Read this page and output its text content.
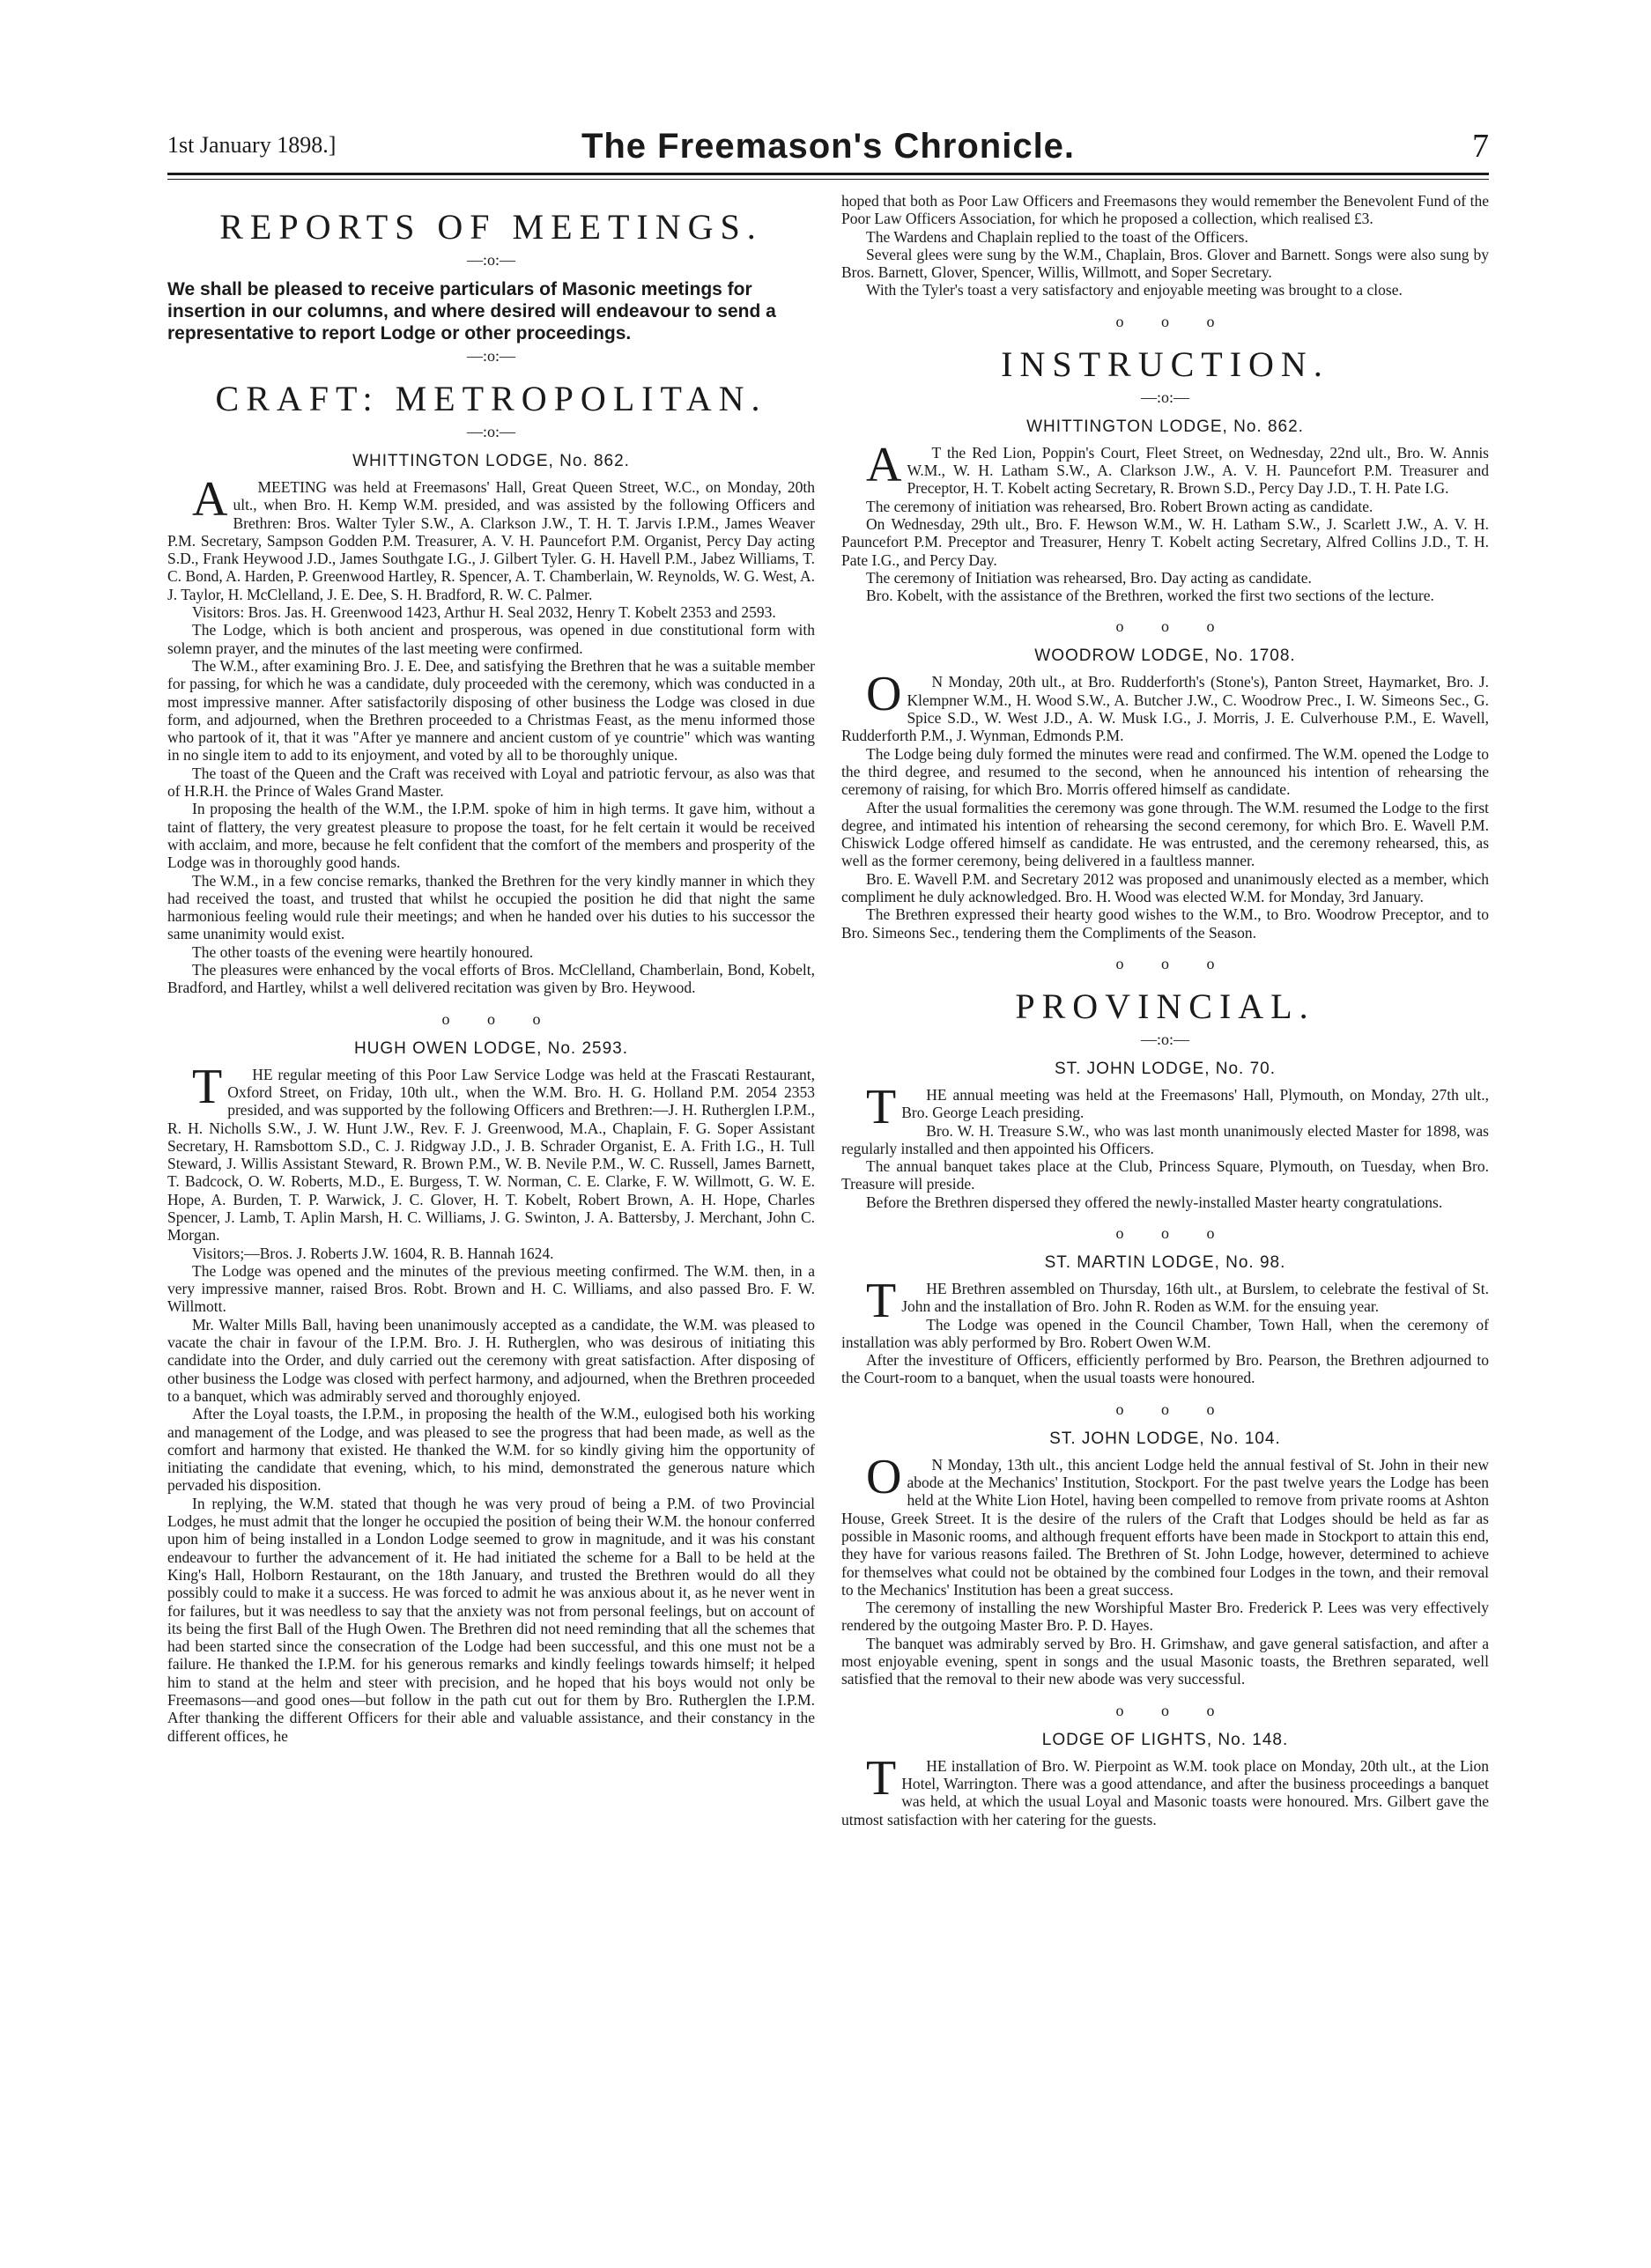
1st January 1898.]	The Freemason's Chronicle.	7
REPORTS OF MEETINGS.
—:o:—
We shall be pleased to receive particulars of Masonic meetings for insertion in our columns, and where desired will endeavour to send a representative to report Lodge or other proceedings.
—:o:—
CRAFT: METROPOLITAN.
—:o:—
WHITTINGTON LODGE, No. 862.

AMEETING was held at Freemasons' Hall, Great Queen Street, W.C., on Monday, 20th ult., when Bro. H. Kemp W.M. presided, and was assisted by the following Officers and Brethren: Bros. Walter Tyler S.W., A. Clarkson J.W., T. H. T. Jarvis I.P.M., James Weaver P.M. Secretary, Sampson Godden P.M. Treasurer, A. V. H. Pauncefort P.M. Organist, Percy Day acting S.D., Frank Heywood J.D., James Southgate I.G., J. Gilbert Tyler. G. H. Havell P.M., Jabez Williams, T. C. Bond, A. Harden, P. Greenwood Hartley, R. Spencer, A. T. Chamberlain, W. Reynolds, W. G. West, A. J. Taylor, H. McClelland, J. E. Dee, S. H. Bradford, R. W. C. Palmer.

Visitors: Bros. Jas. H. Greenwood 1423, Arthur H. Seal 2032, Henry T. Kobelt 2353 and 2593.

The Lodge, which is both ancient and prosperous, was opened in due constitutional form with solemn prayer, and the minutes of the last meeting were confirmed.

The W.M., after examining Bro. J. E. Dee, and satisfying the Brethren that he was a suitable member for passing, for which he was a candidate, duly proceeded with the ceremony, which was conducted in a most impressive manner. After satisfactorily disposing of other business the Lodge was closed in due form, and adjourned, when the Brethren proceeded to a Christmas Feast, as the menu informed those who partook of it, that it was "After ye mannere and ancient custom of ye countrie" which was wanting in no single item to add to its enjoyment, and voted by all to be thoroughly unique.

The toast of the Queen and the Craft was received with Loyal and patriotic fervour, as also was that of H.R.H. the Prince of Wales Grand Master.

In proposing the health of the W.M., the I.P.M. spoke of him in high terms. It gave him, without a taint of flattery, the very greatest pleasure to propose the toast, for he felt certain it would be received with acclaim, and more, because he felt confident that the comfort of the members and prosperity of the Lodge was in thoroughly good hands.

The W.M., in a few concise remarks, thanked the Brethren for the very kindly manner in which they had received the toast, and trusted that whilst he occupied the position he did that night the same harmonious feeling would rule their meetings; and when he handed over his duties to his successor the same unanimity would exist.

The other toasts of the evening were heartily honoured.

The pleasures were enhanced by the vocal efforts of Bros. McClelland, Chamberlain, Bond, Kobelt, Bradford, and Hartley, whilst a well delivered recitation was given by Bro. Heywood.

o o o
HUGH OWEN LODGE, No. 2593.

THE regular meeting of this Poor Law Service Lodge was held at the Frascati Restaurant, Oxford Street, on Friday, 10th ult., when the W.M. Bro. H. G. Holland P.M. 2054 2353 presided, and was supported by the following Officers and Brethren:—J. H. Rutherglen I.P.M., R. H. Nicholls S.W., J. W. Hunt J.W., Rev. F. J. Greenwood, M.A., Chaplain, F. G. Soper Assistant Secretary, H. Ramsbottom S.D., C. J. Ridgway J.D., J. B. Schrader Organist, E. A. Frith I.G., H. Tull Steward, J. Willis Assistant Steward, R. Brown P.M., W. B. Nevile P.M., W. C. Russell, James Barnett, T. Badcock, O. W. Roberts, M.D., E. Burgess, T. W. Norman, C. E. Clarke, F. W. Willmott, G. W. E. Hope, A. Burden, T. P. Warwick, J. C. Glover, H. T. Kobelt, Robert Brown, A. H. Hope, Charles Spencer, J. Lamb, T. Aplin Marsh, H. C. Williams, J. G. Swinton, J. A. Battersby, J. Merchant, John C. Morgan.

Visitors;—Bros. J. Roberts J.W. 1604, R. B. Hannah 1624.

The Lodge was opened and the minutes of the previous meeting confirmed. The W.M. then, in a very impressive manner, raised Bros. Robt. Brown and H. C. Williams, and also passed Bro. F. W. Willmott.

Mr. Walter Mills Ball, having been unanimously accepted as a candidate, the W.M. was pleased to vacate the chair in favour of the I.P.M. Bro. J. H. Rutherglen, who was desirous of initiating this candidate into the Order, and duly carried out the ceremony with great satisfaction. After disposing of other business the Lodge was closed with perfect harmony, and adjourned, when the Brethren proceeded to a banquet, which was admirably served and thoroughly enjoyed.

After the Loyal toasts, the I.P.M., in proposing the health of the W.M., eulogised both his working and management of the Lodge, and was pleased to see the progress that had been made, as well as the comfort and harmony that existed. He thanked the W.M. for so kindly giving him the opportunity of initiating the candidate that evening, which, to his mind, demonstrated the generous nature which pervaded his disposition.

In replying, the W.M. stated that though he was very proud of being a P.M. of two Provincial Lodges, he must admit that the longer he occupied the position of being their W.M. the honour conferred upon him of being installed in a London Lodge seemed to grow in magnitude, and it was his constant endeavour to further the advancement of it. He had initiated the scheme for a Ball to be held at the King's Hall, Holborn Restaurant, on the 18th January, and trusted the Brethren would do all they possibly could to make it a success. He was forced to admit he was anxious about it, as he never went in for failures, but it was needless to say that the anxiety was not from personal feelings, but on account of its being the first Ball of the Hugh Owen. The Brethren did not need reminding that all the schemes that had been started since the consecration of the Lodge had been successful, and this one must not be a failure. He thanked the I.P.M. for his generous remarks and kindly feelings towards himself; it helped him to stand at the helm and steer with precision, and he hoped that his boys would not only be Freemasons—and good ones—but follow in the path cut out for them by Bro. Rutherglen the I.P.M. After thanking the different Officers for their able and valuable assistance, and their constancy in the different offices, he

hoped that both as Poor Law Officers and Freemasons they would remember the Benevolent Fund of the Poor Law Officers Association, for which he proposed a collection, which realised £3.

The Wardens and Chaplain replied to the toast of the Officers.

Several glees were sung by the W.M., Chaplain, Bros. Glover and Barnett. Songs were also sung by Bros. Barnett, Glover, Spencer, Willis, Willmott, and Soper Secretary.

With the Tyler's toast a very satisfactory and enjoyable meeting was brought to a close.

o o o
INSTRUCTION.
—:o:—
WHITTINGTON LODGE, No. 862.

AT the Red Lion, Poppin's Court, Fleet Street, on Wednesday, 22nd ult., Bro. W. Annis W.M., W. H. Latham S.W., A. Clarkson J.W., A. V. H. Pauncefort P.M. Treasurer and Preceptor, H. T. Kobelt acting Secretary, R. Brown S.D., Percy Day J.D., T. H. Pate I.G.

The ceremony of initiation was rehearsed, Bro. Robert Brown acting as candidate.

On Wednesday, 29th ult., Bro. F. Hewson W.M., W. H. Latham S.W., J. Scarlett J.W., A. V. H. Pauncefort P.M. Preceptor and Treasurer, Henry T. Kobelt acting Secretary, Alfred Collins J.D., T. H. Pate I.G., and Percy Day.

The ceremony of Initiation was rehearsed, Bro. Day acting as candidate.

Bro. Kobelt, with the assistance of the Brethren, worked the first two sections of the lecture.

o o o
WOODROW LODGE, No. 1708.

ON Monday, 20th ult., at Bro. Rudderforth's (Stone's), Panton Street, Haymarket, Bro. J. Klempner W.M., H. Wood S.W., A. Butcher J.W., C. Woodrow Prec., I. W. Simeons Sec., G. Spice S.D., W. West J.D., A. W. Musk I.G., J. Morris, J. E. Culverhouse P.M., E. Wavell, Rudderforth P.M., J. Wynman, Edmonds P.M.

The Lodge being duly formed the minutes were read and confirmed. The W.M. opened the Lodge to the third degree, and resumed to the second, when he announced his intention of rehearsing the ceremony of raising, for which Bro. Morris offered himself as candidate.

After the usual formalities the ceremony was gone through. The W.M. resumed the Lodge to the first degree, and intimated his intention of rehearsing the second ceremony, for which Bro. E. Wavell P.M. Chiswick Lodge offered himself as candidate. He was entrusted, and the ceremony rehearsed, this, as well as the former ceremony, being delivered in a faultless manner.

Bro. E. Wavell P.M. and Secretary 2012 was proposed and unanimously elected as a member, which compliment he duly acknowledged. Bro. H. Wood was elected W.M. for Monday, 3rd January.

The Brethren expressed their hearty good wishes to the W.M., to Bro. Woodrow Preceptor, and to Bro. Simeons Sec., tendering them the Compliments of the Season.

o o o
PROVINCIAL.
—:o:—
ST. JOHN LODGE, No. 70.

THE annual meeting was held at the Freemasons' Hall, Plymouth, on Monday, 27th ult., Bro. George Leach presiding.

Bro. W. H. Treasure S.W., who was last month unanimously elected Master for 1898, was regularly installed and then appointed his Officers.

The annual banquet takes place at the Club, Princess Square, Plymouth, on Tuesday, when Bro. Treasure will preside.

Before the Brethren dispersed they offered the newly-installed Master hearty congratulations.

o o o
ST. MARTIN LODGE, No. 98.

THE Brethren assembled on Thursday, 16th ult., at Burslem, to celebrate the festival of St. John and the installation of Bro. John R. Roden as W.M. for the ensuing year.

The Lodge was opened in the Council Chamber, Town Hall, when the ceremony of installation was ably performed by Bro. Robert Owen W.M.

After the investiture of Officers, efficiently performed by Bro. Pearson, the Brethren adjourned to the Court-room to a banquet, when the usual toasts were honoured.

o o o
ST. JOHN LODGE, No. 104.

ON Monday, 13th ult., this ancient Lodge held the annual festival of St. John in their new abode at the Mechanics' Institution, Stockport. For the past twelve years the Lodge has been held at the White Lion Hotel, having been compelled to remove from private rooms at Ashton House, Greek Street. It is the desire of the rulers of the Craft that Lodges should be held as far as possible in Masonic rooms, and although frequent efforts have been made in Stockport to attain this end, they have for various reasons failed. The Brethren of St. John Lodge, however, determined to achieve for themselves what could not be obtained by the combined four Lodges in the town, and their removal to the Mechanics' Institution has been a great success.

The ceremony of installing the new Worshipful Master Bro. Frederick P. Lees was very effectively rendered by the outgoing Master Bro. P. D. Hayes.

The banquet was admirably served by Bro. H. Grimshaw, and gave general satisfaction, and after a most enjoyable evening, spent in songs and the usual Masonic toasts, the Brethren separated, well satisfied that the removal to their new abode was very successful.

o o o
LODGE OF LIGHTS, No. 148.

THE installation of Bro. W. Pierpoint as W.M. took place on Monday, 20th ult., at the Lion Hotel, Warrington. There was a good attendance, and after the business proceedings a banquet was held, at which the usual Loyal and Masonic toasts were honoured. Mrs. Gilbert gave the utmost satisfaction with her catering for the guests.
